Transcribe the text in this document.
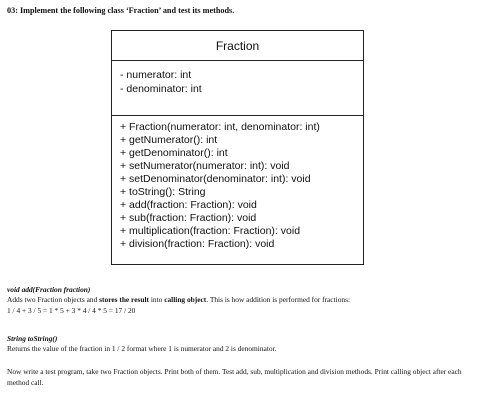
03: Implement the following class ‘Fraction’ and test its methods.
Fraction
- numerator: int
- denominator: int
+ Fraction(numerator: int, denominator: int)
+ getNumerator(): int
+ getDenominator(): int
+ setNumerator(numerator: int): void
+ setDenominator(denominator: int): void
+ toString(): String
+ add(fraction: Fraction): void
+ sub(fraction: Fraction): void
+ multiplication(fraction: Fraction): void
+ division(fraction: Fraction): void
void add(Fraction fraction)
Adds two Fraction objects and stores the result into calling object. This is how addition is performed for fractions:
1 / 4 + 3 / 5 = 1 * 5 + 3 * 4 / 4 * 5 = 17 / 20
String toString()
Returns the value of the fraction in 1 / 2 format where 1 is numerator and 2 is denominator.
Now write a test program, take two Fraction objects. Print both of them. Test add, sub, multiplication and division methods. Print calling object after each method call.
